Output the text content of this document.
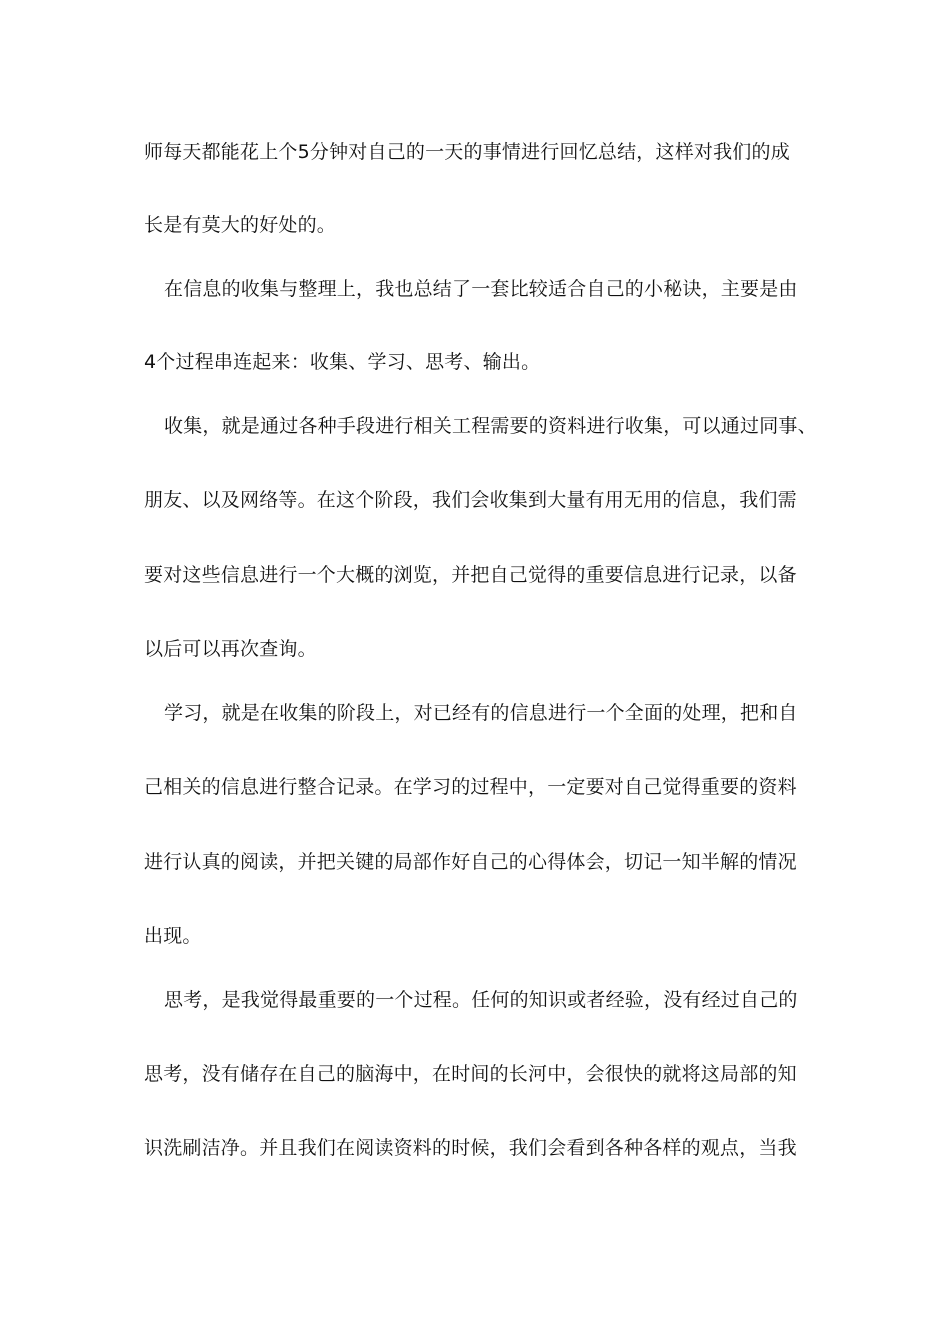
师每天都能花上个5分钟对自己的一天的事情进行回忆总结，这样对我们的成
长是有莫大的好处的。
在信息的收集与整理上，我也总结了一套比较适合自己的小秘诀，主要是由
4个过程串连起来：收集、学习、思考、输出。
收集，就是通过各种手段进行相关工程需要的资料进行收集，可以通过同事、
朋友、以及网络等。在这个阶段，我们会收集到大量有用无用的信息，我们需
要对这些信息进行一个大概的浏览，并把自己觉得的重要信息进行记录，以备
以后可以再次查询。
学习，就是在收集的阶段上，对已经有的信息进行一个全面的处理，把和自
己相关的信息进行整合记录。在学习的过程中，一定要对自己觉得重要的资料
进行认真的阅读，并把关键的局部作好自己的心得体会，切记一知半解的情况
出现。
思考，是我觉得最重要的一个过程。任何的知识或者经验，没有经过自己的
思考，没有储存在自己的脑海中，在时间的长河中，会很快的就将这局部的知
识洗刷洁净。并且我们在阅读资料的时候，我们会看到各种各样的观点，当我
